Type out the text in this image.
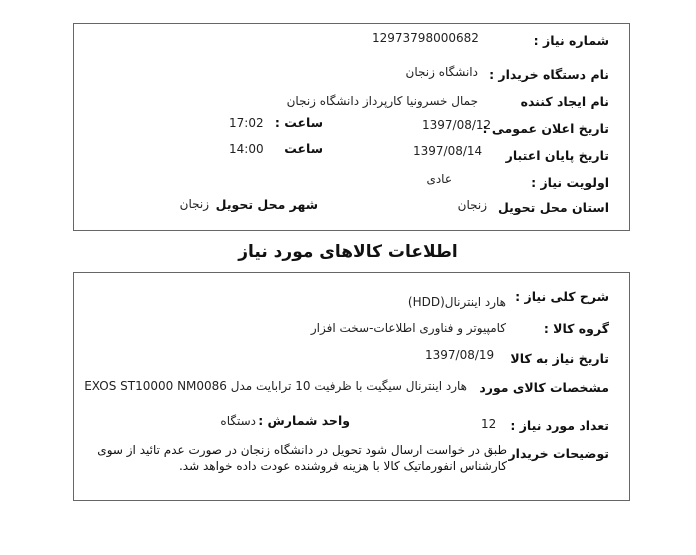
شماره نیاز :
12973798000682
نام دستگاه خریدار :
دانشگاه زنجان
نام ایجاد کننده
جمال خسرونیا کارپرداز دانشگاه زنجان
تاریخ اعلان عمومی :
1397/08/12
ساعت :
17:02
تاریخ پایان اعتبار
1397/08/14
ساعت
14:00
اولویت نیاز :
عادی
استان محل تحویل
زنجان
شهر محل تحویل
زنجان
اطلاعات کالاهای مورد نیاز
شرح کلی نیاز :
هارد اینترنال(HDD)
گروه کالا :
کامپیوتر و فناوری اطلاعات-سخت افزار
تاریخ نیاز به کالا
1397/08/19
مشخصات کالای مورد
هارد اینترنال سیگیت با ظرفیت 10 ترابایت مدل EXOS ST10000 NM0086
تعداد مورد نیاز :
12
واحد شمارش :
دستگاه
توضیحات خریدار
طبق در خواست ارسال شود تحویل در دانشگاه زنجان در صورت عدم تائید از سوی
کارشناس انفورماتیک کالا با هزینه فروشنده عودت داده خواهد شد.
